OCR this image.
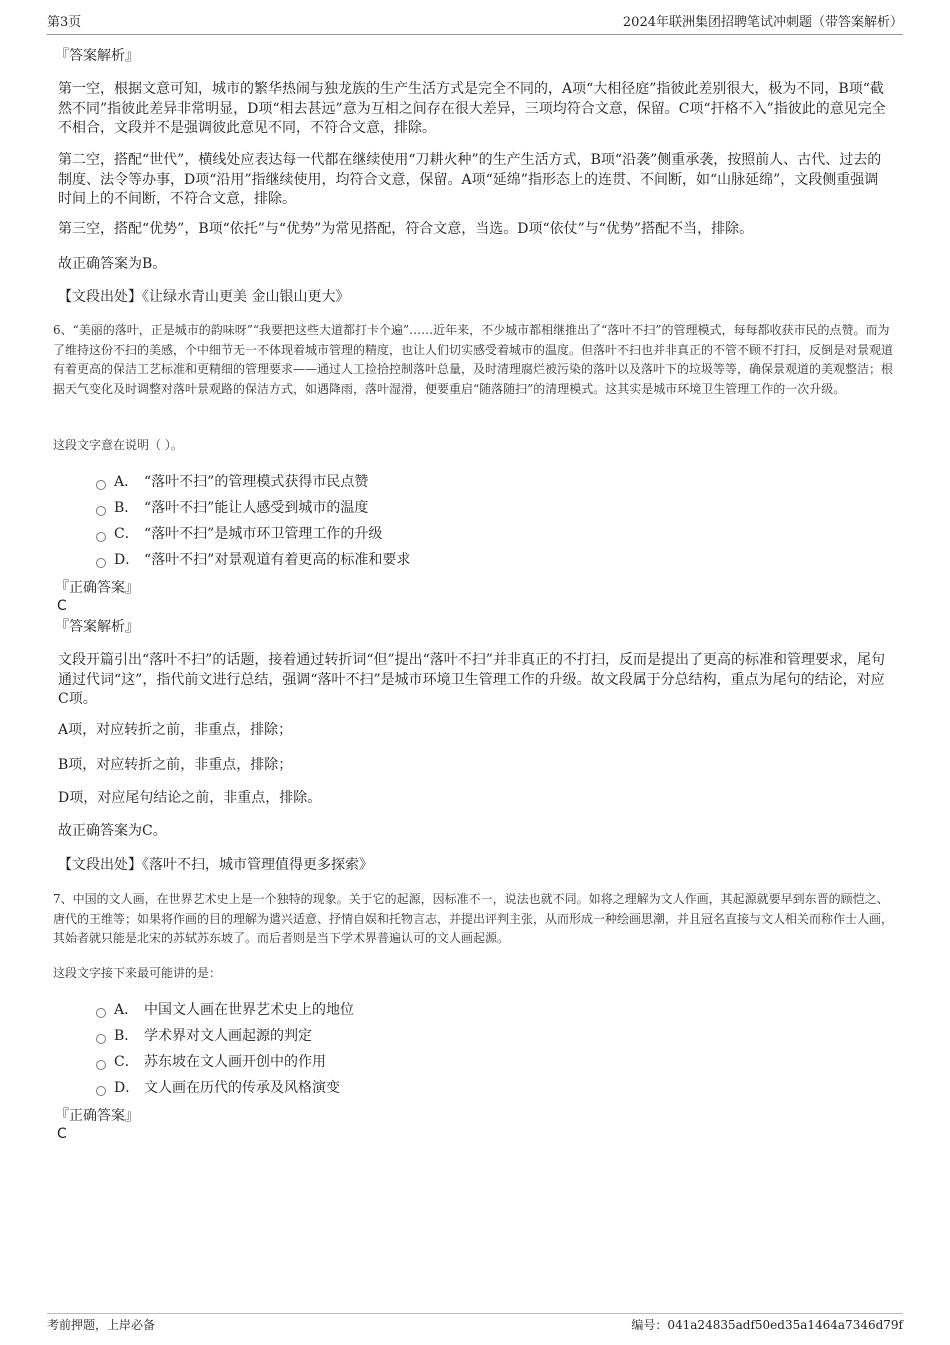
第3页	2024年联洲集团招聘笔试冲刺题（带答案解析）
『答案解析』

第一空，根据文意可知，城市的繁华热闹与独龙族的生产生活方式是完全不同的，A项“大相径庭”指彼此差别很大，极为不同，B项“截然不同”指彼此差异非常明显，D项“相去甚远”意为互相之间存在很大差异，三项均符合文意，保留。C项“扞格不入”指彼此的意见完全不相合，文段并不是强调彼此意见不同，不符合文意，排除。

第二空，搭配“世代”，横线处应表达每一代都在继续使用“刀耕火种”的生产生活方式，B项“沿袭”侧重承袭，按照前人、古代、过去的制度、法令等办事，D项“沿用”指继续使用，均符合文意，保留。A项“延绵”指形态上的连贯、不间断，如“山脉延绵”，文段侧重强调时间上的不间断，不符合文意，排除。

第三空，搭配“优势”，B项“依托”与“优势”为常见搭配，符合文意，当选。D项“依仗”与“优势”搭配不当，排除。

故正确答案为B。

【文段出处】《让绿水青山更美 金山银山更大》

6、“美丽的落叶，正是城市的韵味呀”“我要把这些大道都打卡个遍”……近年来，不少城市都相继推出了“落叶不扫”的管理模式，每每都收获市民的点赞。而为了维持这份不扫的美感，个中细节无一不体现着城市管理的精度，也让人们切实感受着城市的温度。但落叶不扫也并非真正的不管不顾不打扫，反倒是对景观道有着更高的保洁工艺标准和更精细的管理要求——通过人工捡拾控制落叶总量，及时清理腐烂被污染的落叶以及落叶下的垃圾等等，确保景观道的美观整洁；根据天气变化及时调整对落叶景观路的保洁方式，如遇降雨，落叶湿滑，便要重启“随落随扫”的清理模式。这其实是城市环境卫生管理工作的一次升级。

这段文字意在说明（ ）。

A． “落叶不扫”的管理模式获得市民点赞
B． “落叶不扫”能让人感受到城市的温度
C． “落叶不扫”是城市环卫管理工作的升级
D． “落叶不扫”对景观道有着更高的标准和要求
『正确答案』
C
『答案解析』

文段开篇引出“落叶不扫”的话题，接着通过转折词“但”提出“落叶不扫”并非真正的不打扫，反而是提出了更高的标准和管理要求，尾句通过代词“这”，指代前文进行总结，强调“落叶不扫”是城市环境卫生管理工作的升级。故文段属于分总结构，重点为尾句的结论，对应C项。

A项，对应转折之前，非重点，排除；

B项，对应转折之前，非重点，排除；

D项，对应尾句结论之前，非重点，排除。

故正确答案为C。

【文段出处】《落叶不扫，城市管理值得更多探索》

7、中国的文人画，在世界艺术史上是一个独特的现象。关于它的起源，因标准不一，说法也就不同。如将之理解为文人作画，其起源就要早到东晋的顾恺之、唐代的王维等；如果将作画的目的理解为遣兴适意、抒情自娱和托物言志，并提出评判主张，从而形成一种绘画思潮，并且冠名直接与文人相关而称作士人画，其始者就只能是北宋的苏轼苏东坡了。而后者则是当下学术界普遍认可的文人画起源。

这段文字接下来最可能讲的是：

A． 中国文人画在世界艺术史上的地位
B． 学术界对文人画起源的判定
C． 苏东坡在文人画开创中的作用
D． 文人画在历代的传承及风格演变
『正确答案』
C
考前押题，上岸必备	编号：041a24835adf50ed35a1464a7346d79f
